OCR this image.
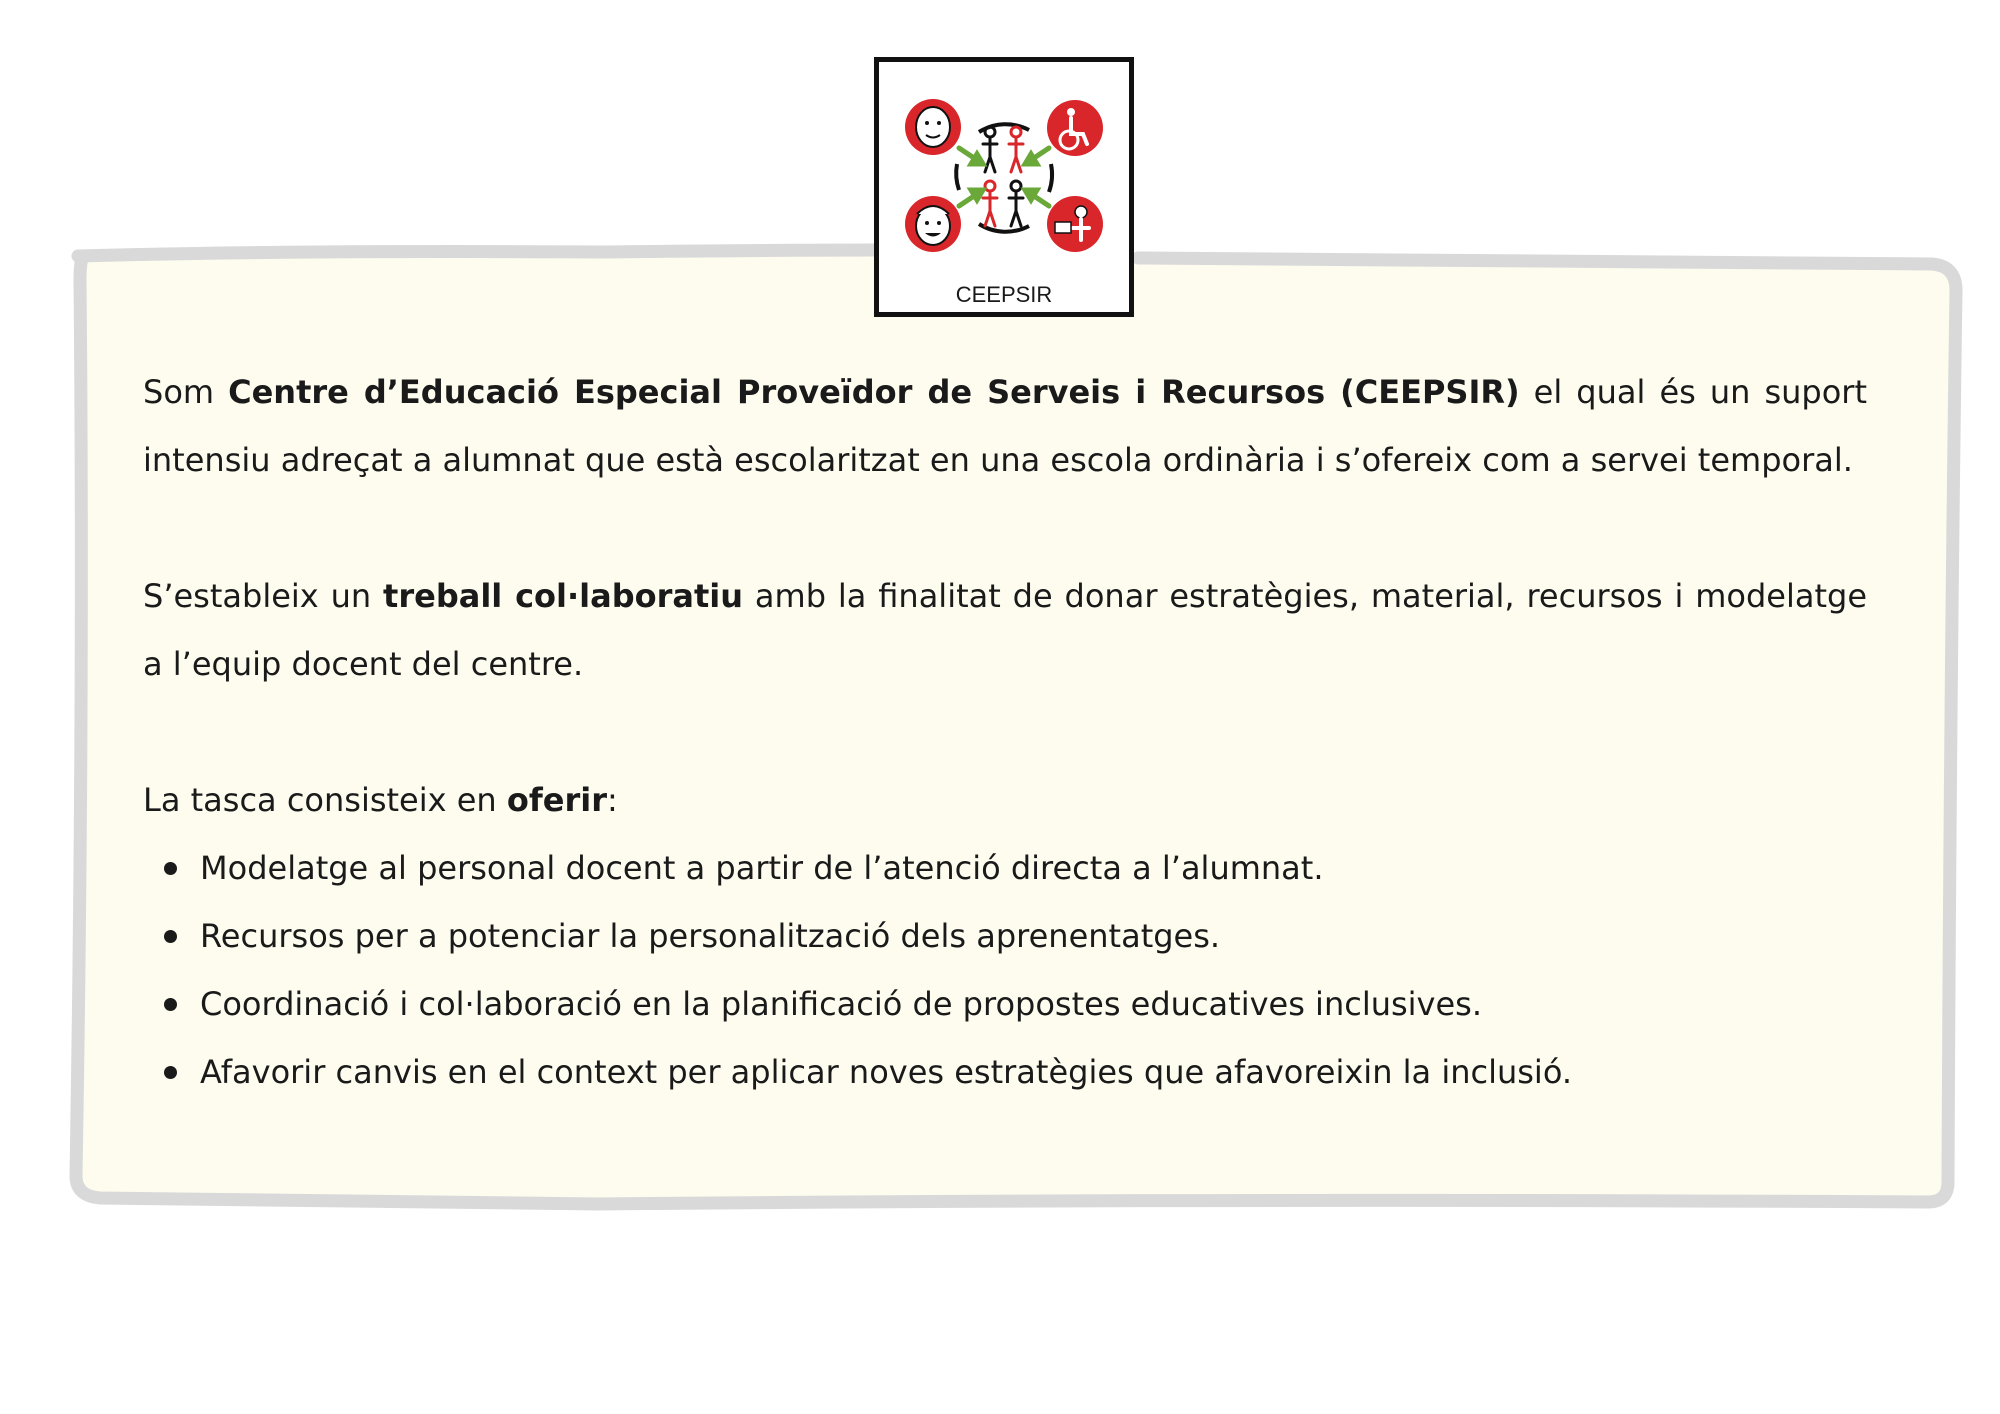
CEEPSIR

Som Centre d’Educació Especial Proveïdor de Serveis i Recursos (CEEPSIR) el qual és un suport intensiu adreçat a alumnat que està escolaritzat en una escola ordinària i s’ofereix com a servei temporal.

S’estableix un treball col·laboratiu amb la finalitat de donar estratègies, material, recursos i modelatge a l’equip docent del centre.

La tasca consisteix en oferir:

Modelatge al personal docent a partir de l’atenció directa a l’alumnat.
Recursos per a potenciar la personalització dels aprenentatges.
Coordinació i col·laboració en la planificació de propostes educatives inclusives.
Afavorir canvis en el context per aplicar noves estratègies que afavoreixin la inclusió.
